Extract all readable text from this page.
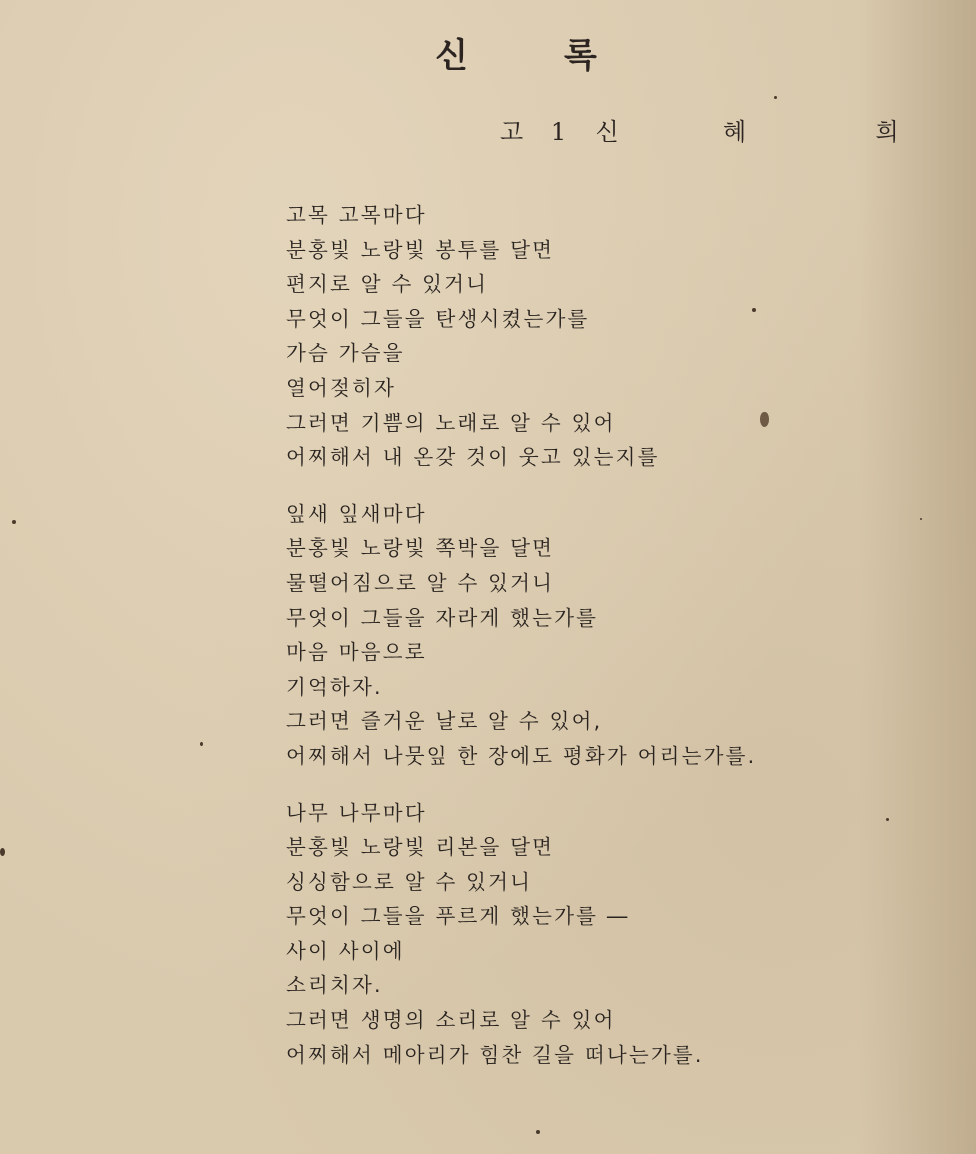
신	록
고 1 신	혜	희
고목 고목마다
분홍빛 노랑빛 봉투를 달면
편지로 알 수 있거니
무엇이 그들을 탄생시켰는가를
가슴 가슴을
열어젖히자
그러면 기쁨의 노래로 알 수 있어
어찌해서 내 온갖 것이 웃고 있는지를
잎새 잎새마다
분홍빛 노랑빛 쪽박을 달면
물떨어짐으로 알 수 있거니
무엇이 그들을 자라게 했는가를
마음 마음으로
기억하자.
그러면 즐거운 날로 알 수 있어,
어찌해서 나뭇잎 한 장에도 평화가 어리는가를.
나무 나무마다
분홍빛 노랑빛 리본을 달면
싱싱함으로 알 수 있거니
무엇이 그들을 푸르게 했는가를 ―
사이 사이에
소리치자.
그러면 생명의 소리로 알 수 있어
어찌해서 메아리가 힘찬 길을 떠나는가를.
